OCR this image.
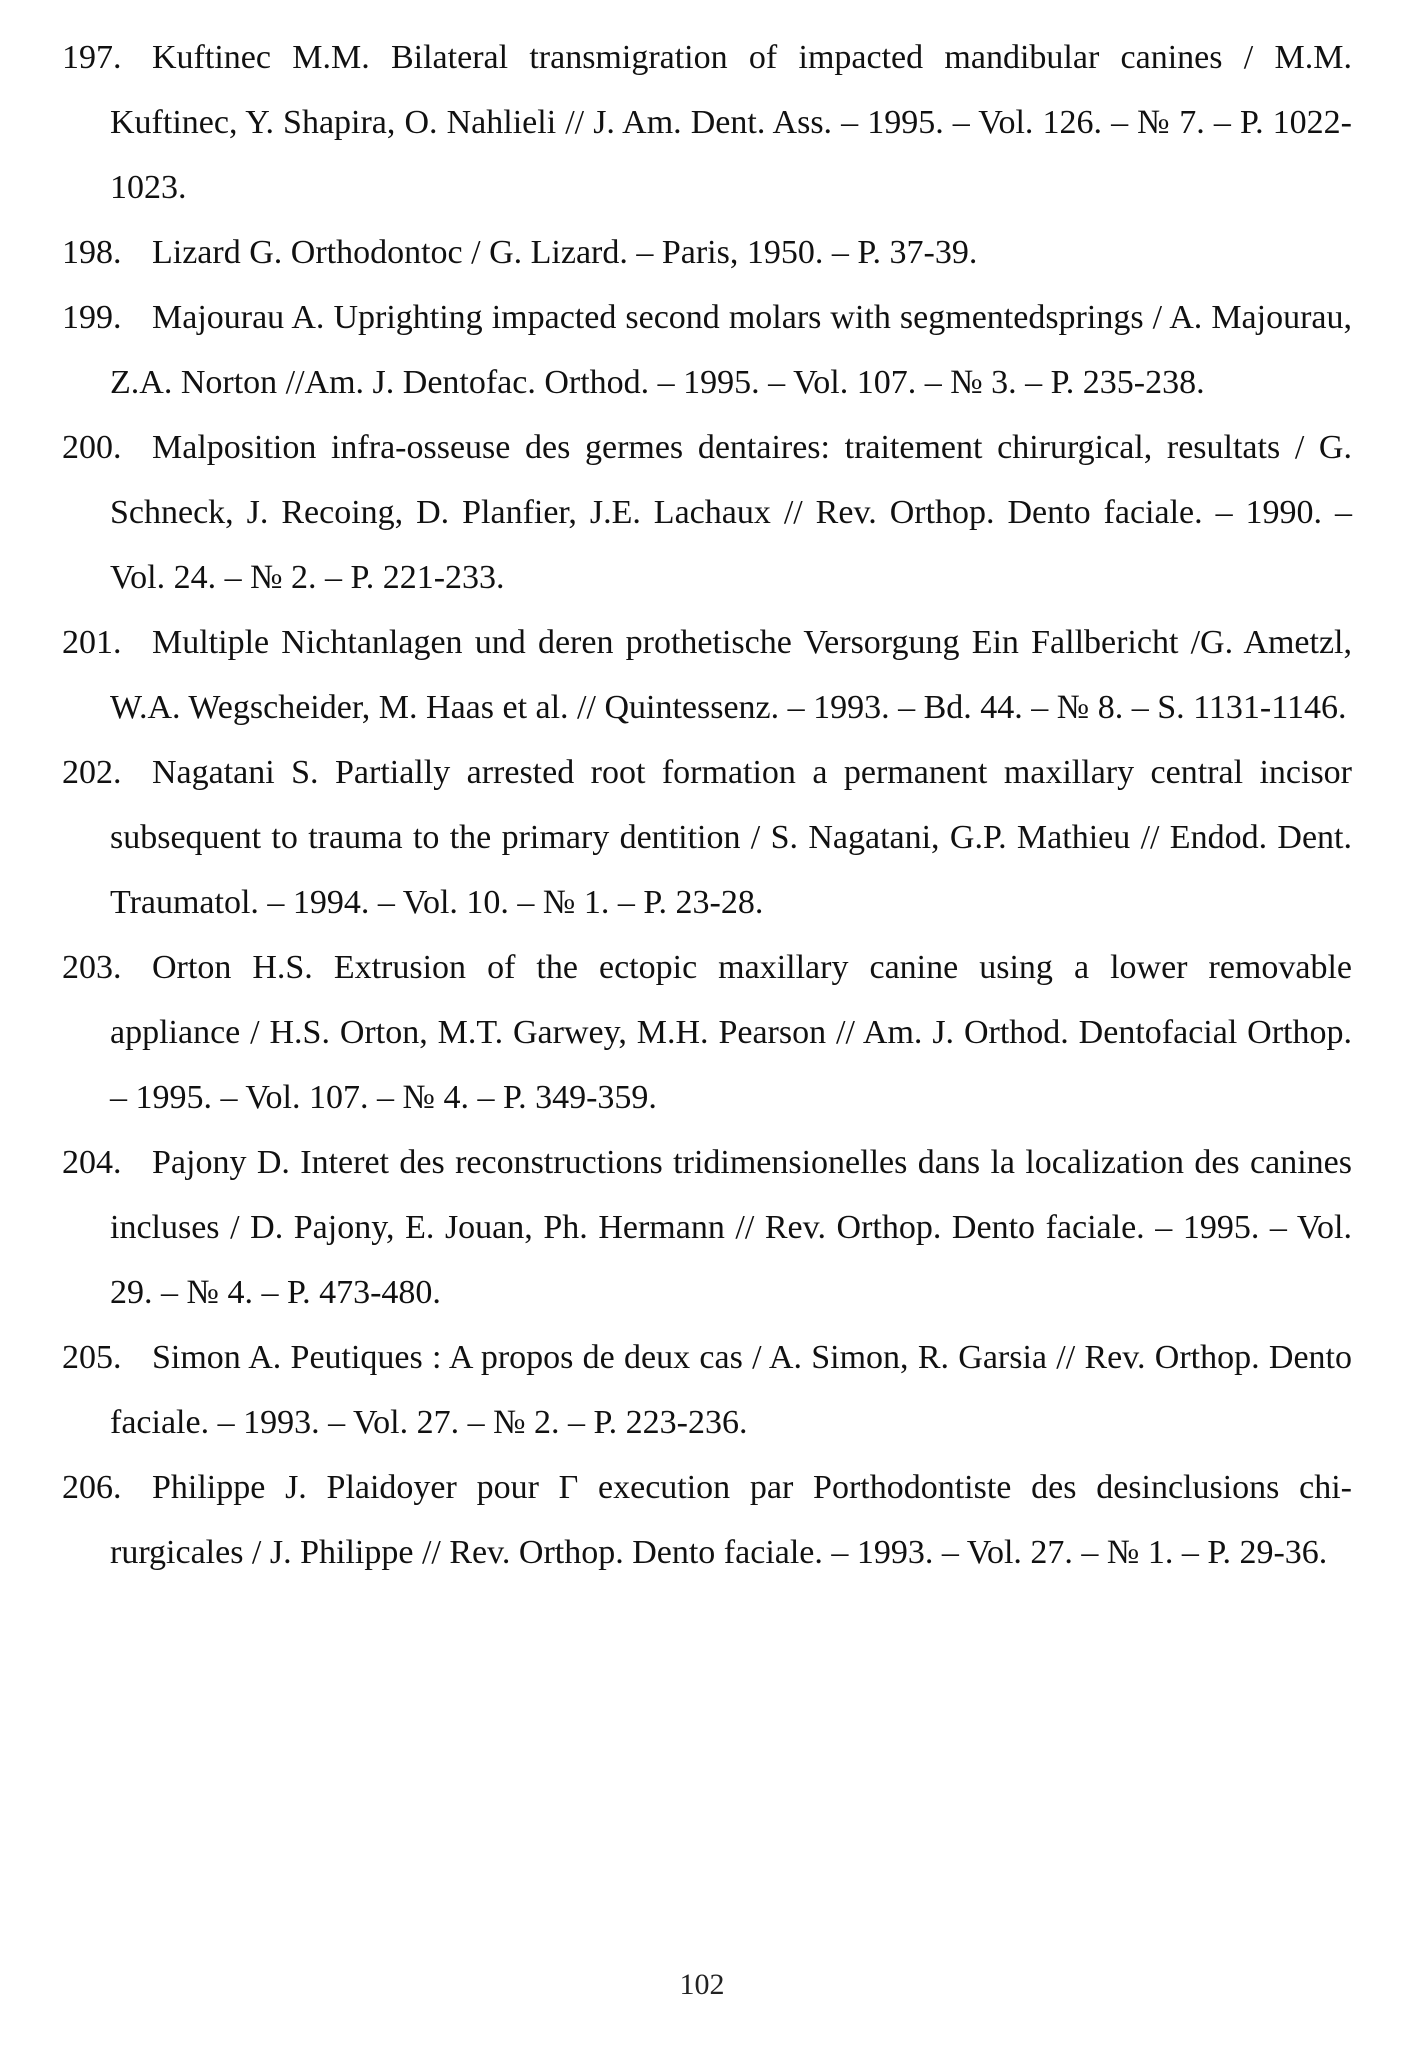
197. Kuftinec M.M. Bilateral transmigration of impacted mandibular canines / M.M. Kuftinec, Y. Shapira, O. Nahlieli // J. Am. Dent. Ass. – 1995. – Vol. 126. – № 7. – P. 1022-1023.
198. Lizard G. Orthodontoc / G. Lizard. – Paris, 1950. – P. 37-39.
199. Majourau A. Uprighting impacted second molars with segmentedsprings / A. Majourau, Z.A. Norton //Am. J. Dentofac. Orthod. – 1995. – Vol. 107. – № 3. – P. 235-238.
200. Malposition infra-osseuse des germes dentaires: traitement chirurgical, resultats / G. Schneck, J. Recoing, D. Planfier, J.E. Lachaux // Rev. Orthop. Dento faciale. – 1990. – Vol. 24. – № 2. – P. 221-233.
201. Multiple Nichtanlagen und deren prothetische Versorgung Ein Fallbericht /G. Ametzl, W.A. Wegscheider, M. Haas et al. // Quintessenz. – 1993. – Bd. 44. – № 8. – S. 1131-1146.
202. Nagatani S. Partially arrested root formation a permanent maxillary central incisor subsequent to trauma to the primary dentition / S. Nagatani, G.P. Mathieu // Endod. Dent. Traumatol. – 1994. – Vol. 10. – № 1. – P. 23-28.
203. Orton H.S. Extrusion of the ectopic maxillary canine using a lower removable appliance / H.S. Orton, M.T. Garwey, M.H. Pearson // Am. J. Orthod. Dentofacial Orthop. – 1995. – Vol. 107. – № 4. – P. 349-359.
204. Pajony D. Interet des reconstructions tridimensionelles dans la localization des canines incluses / D. Pajony, E. Jouan, Ph. Hermann // Rev. Orthop. Dento faciale. – 1995. – Vol. 29. – № 4. – P. 473-480.
205. Simon A. Peutiques : A propos de deux cas / A. Simon, R. Garsia // Rev. Orthop. Dento faciale. – 1993. – Vol. 27. – № 2. – P. 223-236.
206. Philippe J. Plaidoyer pour Г execution par Porthodontiste des desinclusions chi- rurgicales / J. Philippe // Rev. Orthop. Dento faciale. – 1993. – Vol. 27. – № 1. – P. 29-36.
102
